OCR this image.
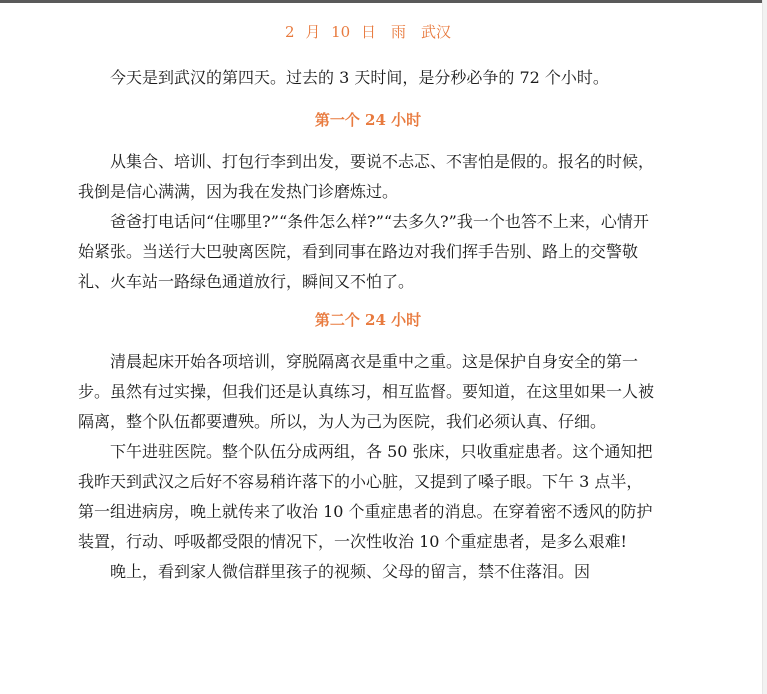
2 月 10 日　雨　武汉

今天是到武汉的第四天。过去的 3 天时间，是分秒必争的 72 个小时。

第一个 24 小时

从集合、培训、打包行李到出发，要说不忐忑、不害怕是假的。报名的时候，我倒是信心满满，因为我在发热门诊磨炼过。

爸爸打电话问“住哪里?”“条件怎么样?”“去多久?”我一个也答不上来，心情开始紧张。当送行大巴驶离医院，看到同事在路边对我们挥手告别、路上的交警敬礼、火车站一路绿色通道放行，瞬间又不怕了。

第二个 24 小时

清晨起床开始各项培训，穿脱隔离衣是重中之重。这是保护自身安全的第一步。虽然有过实操，但我们还是认真练习，相互监督。要知道，在这里如果一人被隔离，整个队伍都要遭殃。所以，为人为己为医院，我们必须认真、仔细。

下午进驻医院。整个队伍分成两组，各 50 张床，只收重症患者。这个通知把我昨天到武汉之后好不容易稍许落下的小心脏，又提到了嗓子眼。下午 3 点半，第一组进病房，晚上就传来了收治 10 个重症患者的消息。在穿着密不透风的防护装置，行动、呼吸都受限的情况下，一次性收治 10 个重症患者，是多么艰难!

晚上，看到家人微信群里孩子的视频、父母的留言，禁不住落泪。因
